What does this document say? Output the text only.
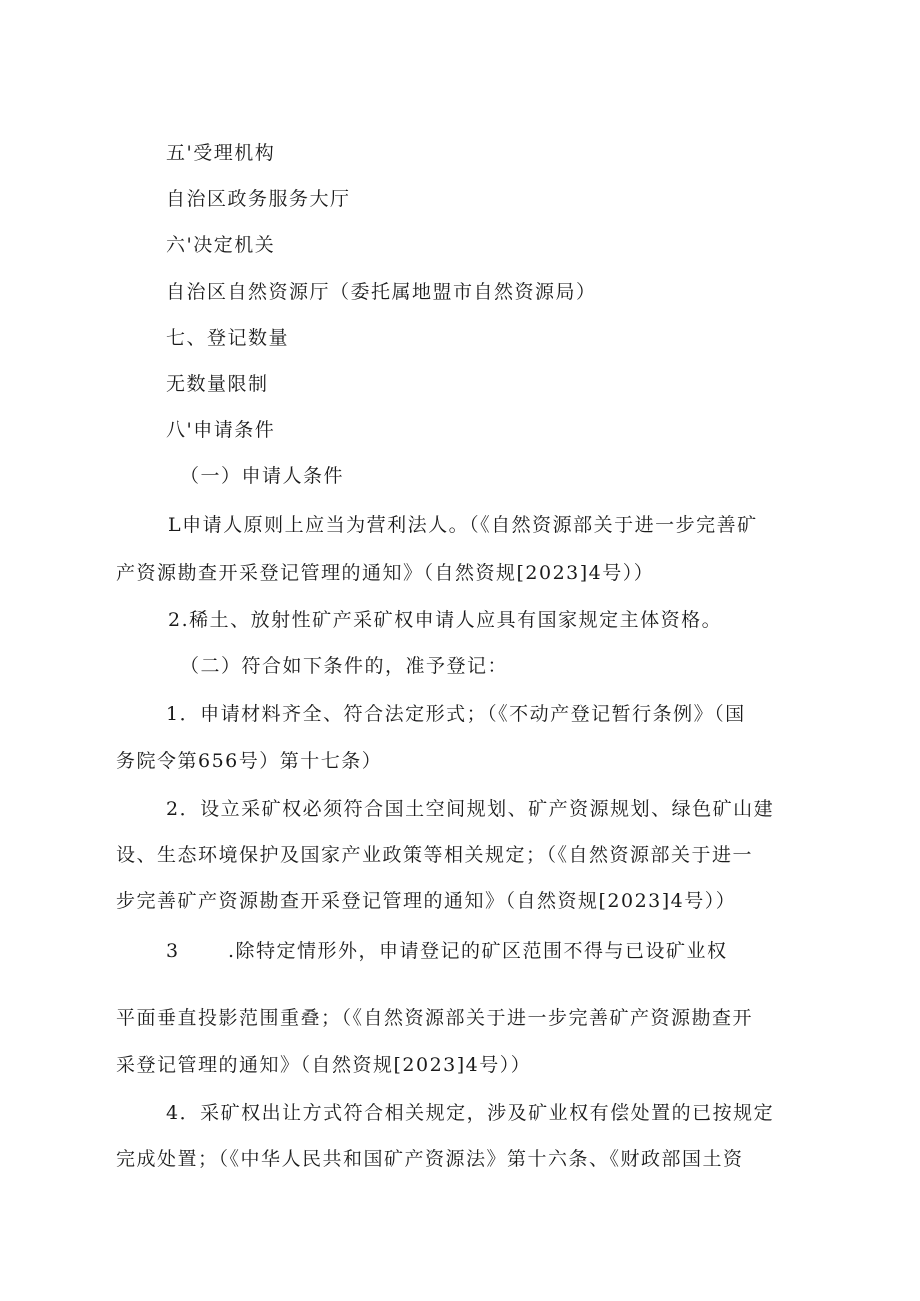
五'受理机构
自治区政务服务大厅
六'决定机关
自治区自然资源厅（委托属地盟市自然资源局）
七、登记数量
无数量限制
八'申请条件
（一）申请人条件
L申请人原则上应当为营利法人。（《自然资源部关于进一步完善矿
产资源勘查开采登记管理的通知》（自然资规[2023]4号））
2.稀土、放射性矿产采矿权申请人应具有国家规定主体资格。
（二）符合如下条件的，准予登记：
1．申请材料齐全、符合法定形式；（《不动产登记暂行条例》（国
务院令第656号）第十七条）
2．设立采矿权必须符合国土空间规划、矿产资源规划、绿色矿山建
设、生态环境保护及国家产业政策等相关规定；（《自然资源部关于进一
步完善矿产资源勘查开采登记管理的通知》（自然资规[2023]4号））
3	.除特定情形外，申请登记的矿区范围不得与已设矿业权
平面垂直投影范围重叠；（《自然资源部关于进一步完善矿产资源勘查开
采登记管理的通知》（自然资规[2023]4号））
4．采矿权出让方式符合相关规定，涉及矿业权有偿处置的已按规定
完成处置；（《中华人民共和国矿产资源法》第十六条、《财政部国土资
